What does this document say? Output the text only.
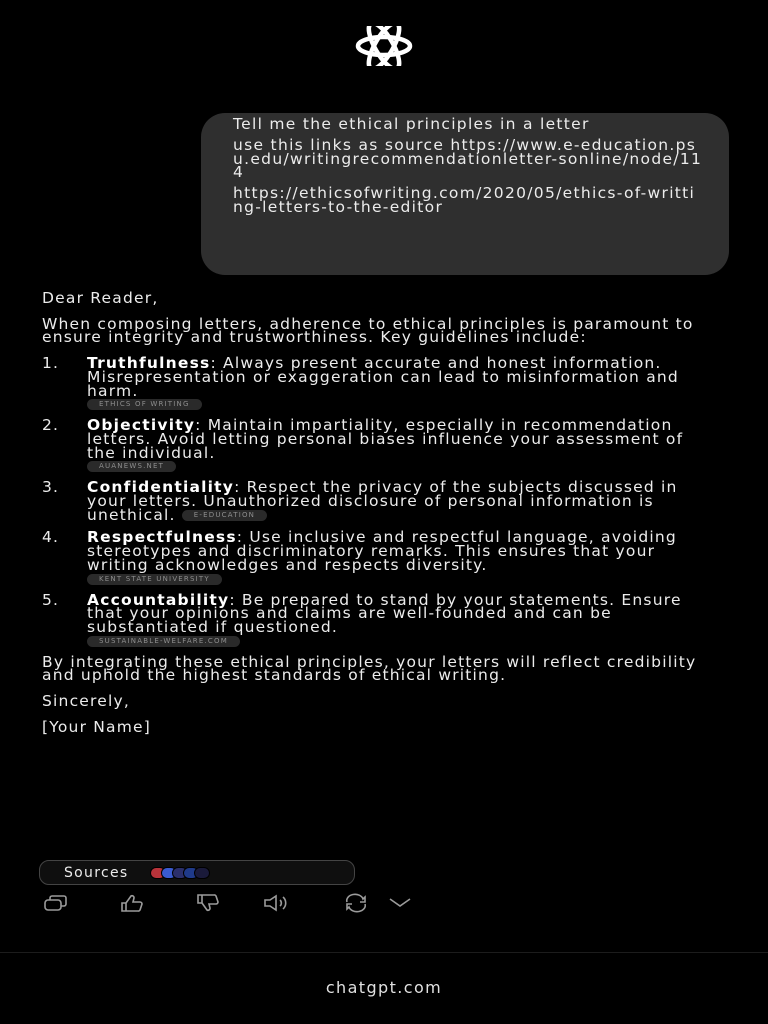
Tell me the ethical principles in a letter

use this links as source https://www.e-education.psu.edu/writingrecommendationletter-sonline/node/114

https://ethicsofwriting.com/2020/05/ethics-of-writting-letters-to-the-editor

Dear Reader,
When composing letters, adherence to ethical principles is paramount to ensure integrity and trustworthiness. Key guidelines include:
1. Truthfulness: Always present accurate and honest information. Misrepresentation or exaggeration can lead to misinformation and harm.
ETHICS OF WRITING
2. Objectivity: Maintain impartiality, especially in recommendation letters. Avoid letting personal biases influence your assessment of the individual.
AUANEWS.NET
3. Confidentiality: Respect the privacy of the subjects discussed in your letters. Unauthorized disclosure of personal information is unethical.	E-EDUCATION
4. Respectfulness: Use inclusive and respectful language, avoiding stereotypes and discriminatory remarks. This ensures that your writing acknowledges and respects diversity.
KENT STATE UNIVERSITY
5. Accountability: Be prepared to stand by your statements. Ensure that your opinions and claims are well-founded and can be substantiated if questioned.
SUSTAINABLE-WELFARE.COM
By integrating these ethical principles, your letters will reflect credibility and uphold the highest standards of ethical writing.
Sincerely,
[Your Name]
Sources
chatgpt.com
